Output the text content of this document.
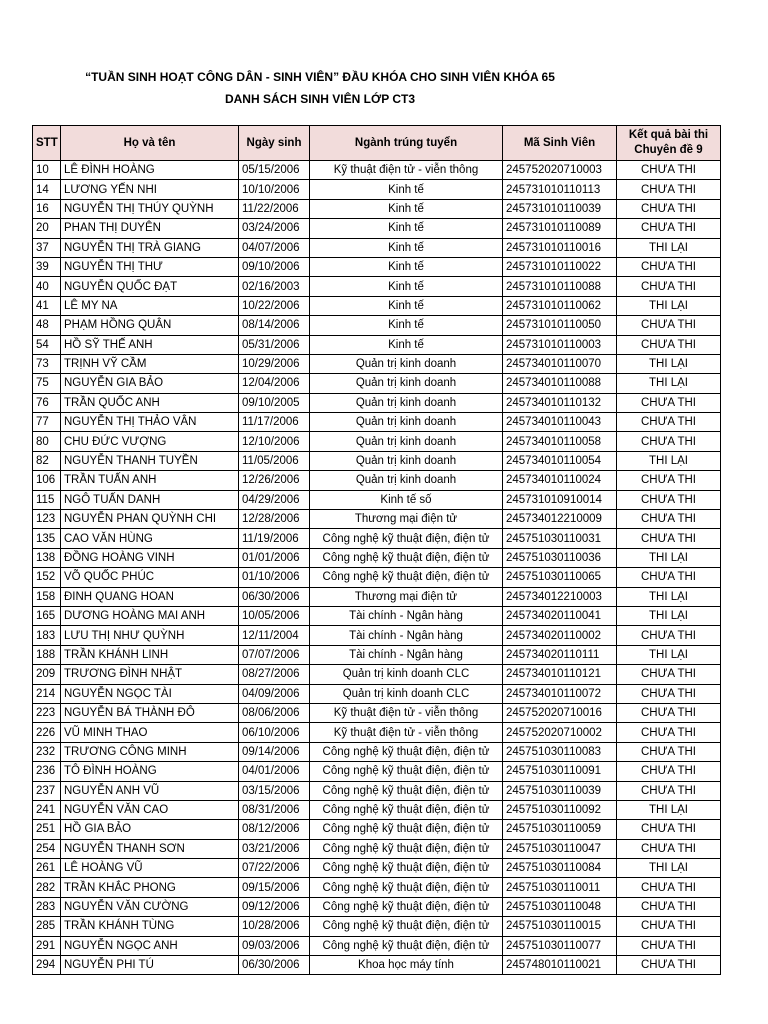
“TUẦN SINH HOẠT CÔNG DÂN - SINH VIÊN” ĐẦU KHÓA CHO SINH VIÊN KHÓA 65
DANH SÁCH SINH VIÊN LỚP CT3
STT	Họ và tên	Ngày sinh	Ngành trúng tuyển	Mã Sinh Viên	Kết quả bài thi Chuyên đề 9
10	LÊ ĐÌNH HOÀNG	05/15/2006	Kỹ thuật điện tử - viễn thông	245752020710003	CHƯA THI
14	LƯƠNG YẾN NHI	10/10/2006	Kinh tế	245731010110113	CHƯA THI
16	NGUYỄN THỊ THÚY QUỲNH	11/22/2006	Kinh tế	245731010110039	CHƯA THI
20	PHAN THỊ DUYÊN	03/24/2006	Kinh tế	245731010110089	CHƯA THI
37	NGUYỄN THỊ TRÀ GIANG	04/07/2006	Kinh tế	245731010110016	THI LẠI
39	NGUYỄN THỊ THƯ	09/10/2006	Kinh tế	245731010110022	CHƯA THI
40	NGUYỄN QUỐC ĐẠT	02/16/2003	Kinh tế	245731010110088	CHƯA THI
41	LÊ MY NA	10/22/2006	Kinh tế	245731010110062	THI LẠI
48	PHẠM HỒNG QUÂN	08/14/2006	Kinh tế	245731010110050	CHƯA THI
54	HỒ SỸ THẾ ANH	05/31/2006	Kinh tế	245731010110003	CHƯA THI
73	TRỊNH VỸ CẦM	10/29/2006	Quản trị kinh doanh	245734010110070	THI LẠI
75	NGUYỄN GIA BẢO	12/04/2006	Quản trị kinh doanh	245734010110088	THI LẠI
76	TRẦN QUỐC ANH	09/10/2005	Quản trị kinh doanh	245734010110132	CHƯA THI
77	NGUYỄN THỊ THẢO VÂN	11/17/2006	Quản trị kinh doanh	245734010110043	CHƯA THI
80	CHU ĐỨC VƯỢNG	12/10/2006	Quản trị kinh doanh	245734010110058	CHƯA THI
82	NGUYỄN THANH TUYỀN	11/05/2006	Quản trị kinh doanh	245734010110054	THI LẠI
106	TRẦN TUẤN ANH	12/26/2006	Quản trị kinh doanh	245734010110024	CHƯA THI
115	NGÔ TUẤN DANH	04/29/2006	Kinh tế số	245731010910014	CHƯA THI
123	NGUYỄN PHAN QUỲNH CHI	12/28/2006	Thương mại điện tử	245734012210009	CHƯA THI
135	CAO VĂN HÙNG	11/19/2006	Công nghệ kỹ thuật điện, điện tử	245751030110031	CHƯA THI
138	ĐỒNG HOÀNG VINH	01/01/2006	Công nghệ kỹ thuật điện, điện tử	245751030110036	THI LẠI
152	VÕ QUỐC PHÚC	01/10/2006	Công nghệ kỹ thuật điện, điện tử	245751030110065	CHƯA THI
158	ĐINH QUANG HOAN	06/30/2006	Thương mại điện tử	245734012210003	THI LẠI
165	DƯƠNG HOÀNG MAI ANH	10/05/2006	Tài chính - Ngân hàng	245734020110041	THI LẠI
183	LƯU THỊ NHƯ QUỲNH	12/11/2004	Tài chính - Ngân hàng	245734020110002	CHƯA THI
188	TRẦN KHÁNH LINH	07/07/2006	Tài chính - Ngân hàng	245734020110111	THI LẠI
209	TRƯƠNG ĐÌNH NHẬT	08/27/2006	Quản trị kinh doanh CLC	245734010110121	CHƯA THI
214	NGUYỄN NGỌC TÀI	04/09/2006	Quản trị kinh doanh CLC	245734010110072	CHƯA THI
223	NGUYỄN BÁ THÀNH ĐÔ	08/06/2006	Kỹ thuật điện tử - viễn thông	245752020710016	CHƯA THI
226	VŨ MINH THAO	06/10/2006	Kỹ thuật điện tử - viễn thông	245752020710002	CHƯA THI
232	TRƯƠNG CÔNG MINH	09/14/2006	Công nghệ kỹ thuật điện, điện tử	245751030110083	CHƯA THI
236	TÔ ĐÌNH HOÀNG	04/01/2006	Công nghệ kỹ thuật điện, điện tử	245751030110091	CHƯA THI
237	NGUYỄN ANH VŨ	03/15/2006	Công nghệ kỹ thuật điện, điện tử	245751030110039	CHƯA THI
241	NGUYỄN VĂN CAO	08/31/2006	Công nghệ kỹ thuật điện, điện tử	245751030110092	THI LẠI
251	HỒ GIA BẢO	08/12/2006	Công nghệ kỹ thuật điện, điện tử	245751030110059	CHƯA THI
254	NGUYỄN THANH SƠN	03/21/2006	Công nghệ kỹ thuật điện, điện tử	245751030110047	CHƯA THI
261	LÊ HOÀNG VŨ	07/22/2006	Công nghệ kỹ thuật điện, điện tử	245751030110084	THI LẠI
282	TRẦN KHẮC PHONG	09/15/2006	Công nghệ kỹ thuật điện, điện tử	245751030110011	CHƯA THI
283	NGUYỄN VĂN CƯỜNG	09/12/2006	Công nghệ kỹ thuật điện, điện tử	245751030110048	CHƯA THI
285	TRẦN KHÁNH TÙNG	10/28/2006	Công nghệ kỹ thuật điện, điện tử	245751030110015	CHƯA THI
291	NGUYỄN NGỌC ANH	09/03/2006	Công nghệ kỹ thuật điện, điện tử	245751030110077	CHƯA THI
294	NGUYỄN PHI TÚ	06/30/2006	Khoa học máy tính	245748010110021	CHƯA THI
